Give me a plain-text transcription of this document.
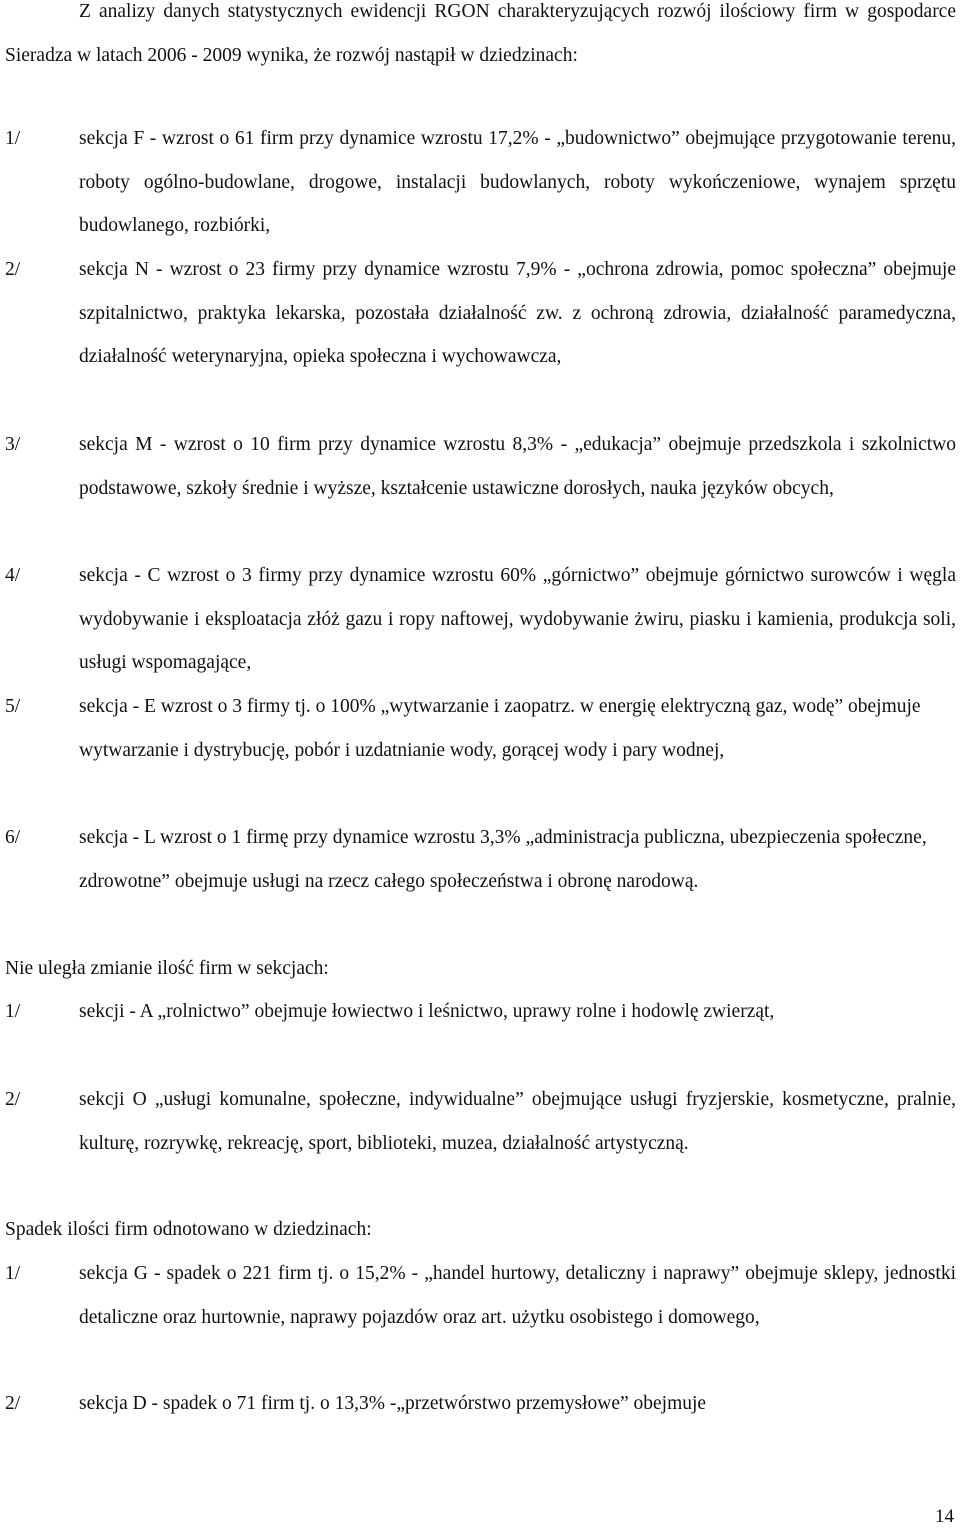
Z analizy danych statystycznych ewidencji RGON charakteryzujących rozwój ilościowy firm w gospodarce Sieradza w latach 2006 - 2009 wynika, że rozwój nastąpił w dziedzinach:

1/	sekcja F - wzrost o 61 firm przy dynamice wzrostu 17,2% - „budownictwo” obejmujące przygotowanie terenu, roboty ogólno-budowlane, drogowe, instalacji budowlanych, roboty wykończeniowe, wynajem sprzętu budowlanego, rozbiórki,
2/	sekcja N - wzrost o 23 firmy przy dynamice wzrostu 7,9% - „ochrona zdrowia, pomoc społeczna” obejmuje szpitalnictwo, praktyka lekarska, pozostała działalność zw. z ochroną zdrowia, działalność paramedyczna, działalność weterynaryjna, opieka społeczna i wychowawcza,
3/	sekcja M - wzrost o 10 firm przy dynamice wzrostu 8,3% - „edukacja” obejmuje przedszkola i szkolnictwo podstawowe, szkoły średnie i wyższe, kształcenie ustawiczne dorosłych, nauka języków obcych,
4/	sekcja - C wzrost o 3 firmy przy dynamice wzrostu 60% „górnictwo” obejmuje górnictwo surowców i węgla wydobywanie i eksploatacja złóż gazu i ropy naftowej, wydobywanie żwiru, piasku i kamienia, produkcja soli, usługi wspomagające,
5/	sekcja - E wzrost o 3 firmy tj. o 100% „wytwarzanie i zaopatrz. w energię elektryczną gaz, wodę” obejmuje wytwarzanie i dystrybucję, pobór i uzdatnianie wody, gorącej wody i pary wodnej,
6/	sekcja - L wzrost o 1 firmę przy dynamice wzrostu 3,3% „administracja publiczna, ubezpieczenia społeczne, zdrowotne” obejmuje usługi na rzecz całego społeczeństwa i obronę narodową.

Nie uległa zmianie ilość firm w sekcjach:

1/	sekcji - A „rolnictwo” obejmuje łowiectwo i leśnictwo, uprawy rolne i hodowlę zwierząt,
2/	sekcji O „usługi komunalne, społeczne, indywidualne” obejmujące usługi fryzjerskie, kosmetyczne, pralnie, kulturę, rozrywkę, rekreację, sport, biblioteki, muzea, działalność artystyczną.

Spadek ilości firm odnotowano w dziedzinach:

1/	sekcja G - spadek o 221 firm tj. o 15,2% - „handel hurtowy, detaliczny i naprawy” obejmuje sklepy, jednostki detaliczne oraz hurtownie, naprawy pojazdów oraz art. użytku osobistego i domowego,
2/	sekcja D - spadek o 71 firm tj. o 13,3% -„przetwórstwo przemysłowe” obejmuje
14
